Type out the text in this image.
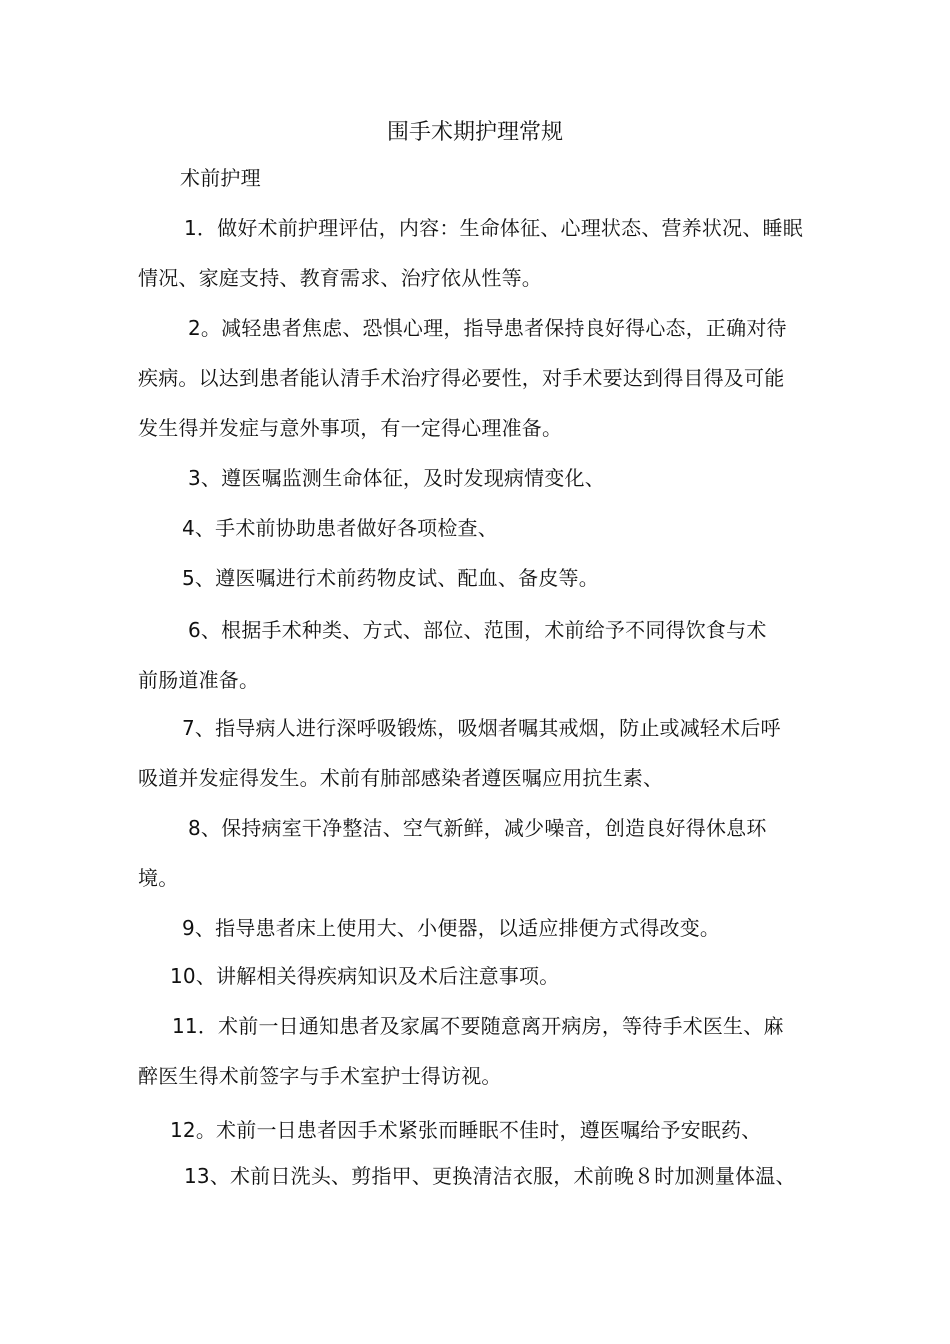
围手术期护理常规
术前护理
1．做好术前护理评估，内容：生命体征、心理状态、营养状况、睡眠
情况、家庭支持、教育需求、治疗依从性等。
2。减轻患者焦虑、恐惧心理，指导患者保持良好得心态，正确对待
疾病。以达到患者能认清手术治疗得必要性，对手术要达到得目得及可能
发生得并发症与意外事项，有一定得心理准备。
3、遵医嘱监测生命体征，及时发现病情变化、
4、手术前协助患者做好各项检查、
5、遵医嘱进行术前药物皮试、配血、备皮等。
6、根据手术种类、方式、部位、范围，术前给予不同得饮食与术
前肠道准备。
7、指导病人进行深呼吸锻炼，吸烟者嘱其戒烟，防止或减轻术后呼
吸道并发症得发生。术前有肺部感染者遵医嘱应用抗生素、
8、保持病室干净整洁、空气新鲜，减少噪音，创造良好得休息环
境。
9、指导患者床上使用大、小便器，以适应排便方式得改变。
10、讲解相关得疾病知识及术后注意事项。
11．术前一日通知患者及家属不要随意离开病房，等待手术医生、麻
醉医生得术前签字与手术室护士得访视。
12。术前一日患者因手术紧张而睡眠不佳时，遵医嘱给予安眠药、
13、术前日洗头、剪指甲、更换清洁衣服，术前晚８时加测量体温、
